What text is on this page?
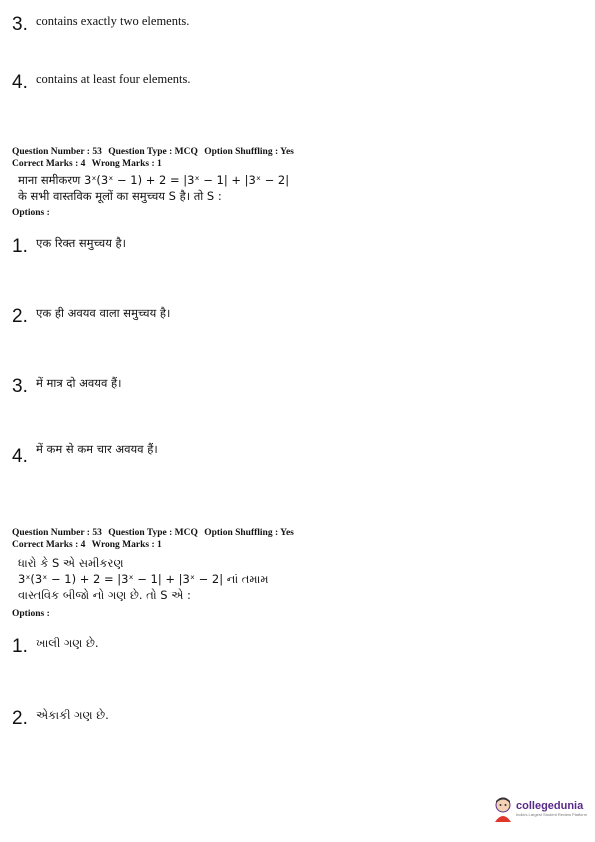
3. contains exactly two elements.
4. contains at least four elements.
Question Number : 53 Question Type : MCQ Option Shuffling : Yes
Correct Marks : 4 Wrong Marks : 1
माना समीकरण 3ˣ(3ˣ − 1) + 2 = |3ˣ − 1| + |3ˣ − 2|
के सभी वास्तविक मूलों का समुच्चय S है। तो S :
Options :
1. एक रिक्त समुच्चय है।
2. एक ही अवयव वाला समुच्चय है।
3. में मात्र दो अवयव हैं।
4. में कम से कम चार अवयव हैं।
Question Number : 53 Question Type : MCQ Option Shuffling : Yes
Correct Marks : 4 Wrong Marks : 1
ધારો કે S એ સમીકરણ
3ˣ(3ˣ − 1) + 2 = |3ˣ − 1| + |3ˣ − 2| નાં તમામ
વાસ્તવિક બીજો નો ગણ છે. તો S એ :
Options :
1. ખાલી ગણ છે.
2. એકાકી ગણ છે.
collegedunia
India's Largest Student Review Platform
